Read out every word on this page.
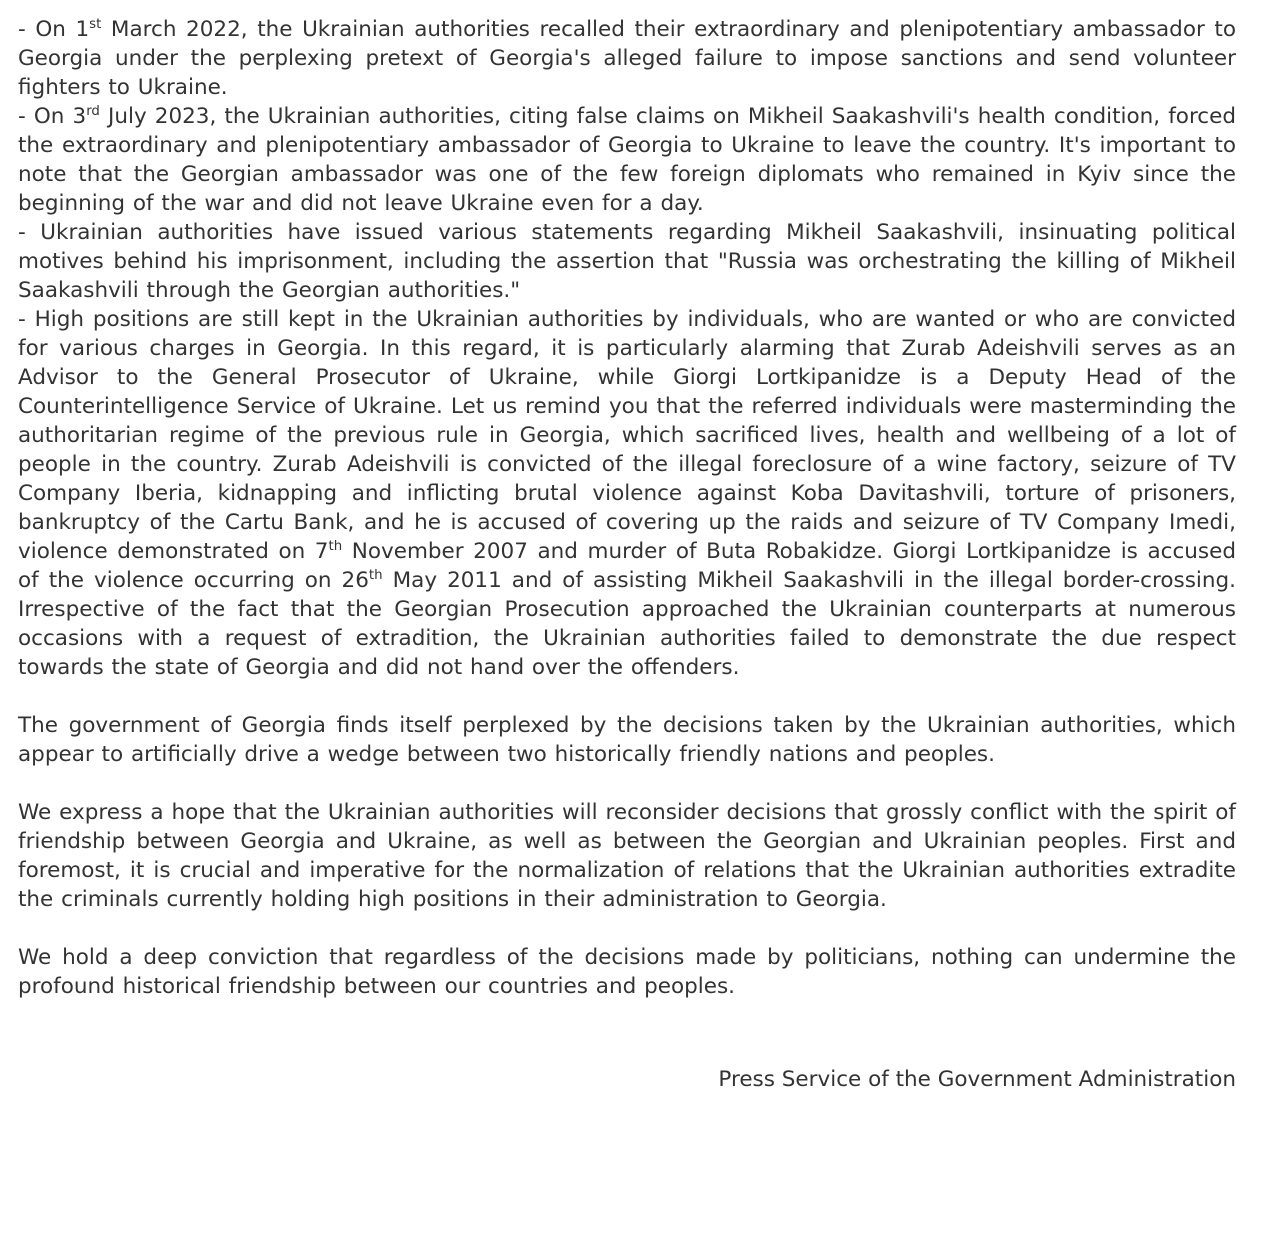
- On 1st March 2022, the Ukrainian authorities recalled their extraordinary and plenipotentiary ambassador to Georgia under the perplexing pretext of Georgia's alleged failure to impose sanctions and send volunteer fighters to Ukraine.

- On 3rd July 2023, the Ukrainian authorities, citing false claims on Mikheil Saakashvili's health condition, forced the extraordinary and plenipotentiary ambassador of Georgia to Ukraine to leave the country. It's important to note that the Georgian ambassador was one of the few foreign diplomats who remained in Kyiv since the beginning of the war and did not leave Ukraine even for a day.

- Ukrainian authorities have issued various statements regarding Mikheil Saakashvili, insinuating political motives behind his imprisonment, including the assertion that "Russia was orchestrating the killing of Mikheil Saakashvili through the Georgian authorities."

- High positions are still kept in the Ukrainian authorities by individuals, who are wanted or who are convicted for various charges in Georgia. In this regard, it is particularly alarming that Zurab Adeishvili serves as an Advisor to the General Prosecutor of Ukraine, while Giorgi Lortkipanidze is a Deputy Head of the Counterintelligence Service of Ukraine. Let us remind you that the referred individuals were masterminding the authoritarian regime of the previous rule in Georgia, which sacrificed lives, health and wellbeing of a lot of people in the country. Zurab Adeishvili is convicted of the illegal foreclosure of a wine factory, seizure of TV Company Iberia, kidnapping and inflicting brutal violence against Koba Davitashvili, torture of prisoners, bankruptcy of the Cartu Bank, and he is accused of covering up the raids and seizure of TV Company Imedi, violence demonstrated on 7th November 2007 and murder of Buta Robakidze. Giorgi Lortkipanidze is accused of the violence occurring on 26th May 2011 and of assisting Mikheil Saakashvili in the illegal border-crossing. Irrespective of the fact that the Georgian Prosecution approached the Ukrainian counterparts at numerous occasions with a request of extradition, the Ukrainian authorities failed to demonstrate the due respect towards the state of Georgia and did not hand over the offenders.

The government of Georgia finds itself perplexed by the decisions taken by the Ukrainian authorities, which appear to artificially drive a wedge between two historically friendly nations and peoples.

We express a hope that the Ukrainian authorities will reconsider decisions that grossly conflict with the spirit of friendship between Georgia and Ukraine, as well as between the Georgian and Ukrainian peoples. First and foremost, it is crucial and imperative for the normalization of relations that the Ukrainian authorities extradite the criminals currently holding high positions in their administration to Georgia.

We hold a deep conviction that regardless of the decisions made by politicians, nothing can undermine the profound historical friendship between our countries and peoples.

Press Service of the Government Administration
